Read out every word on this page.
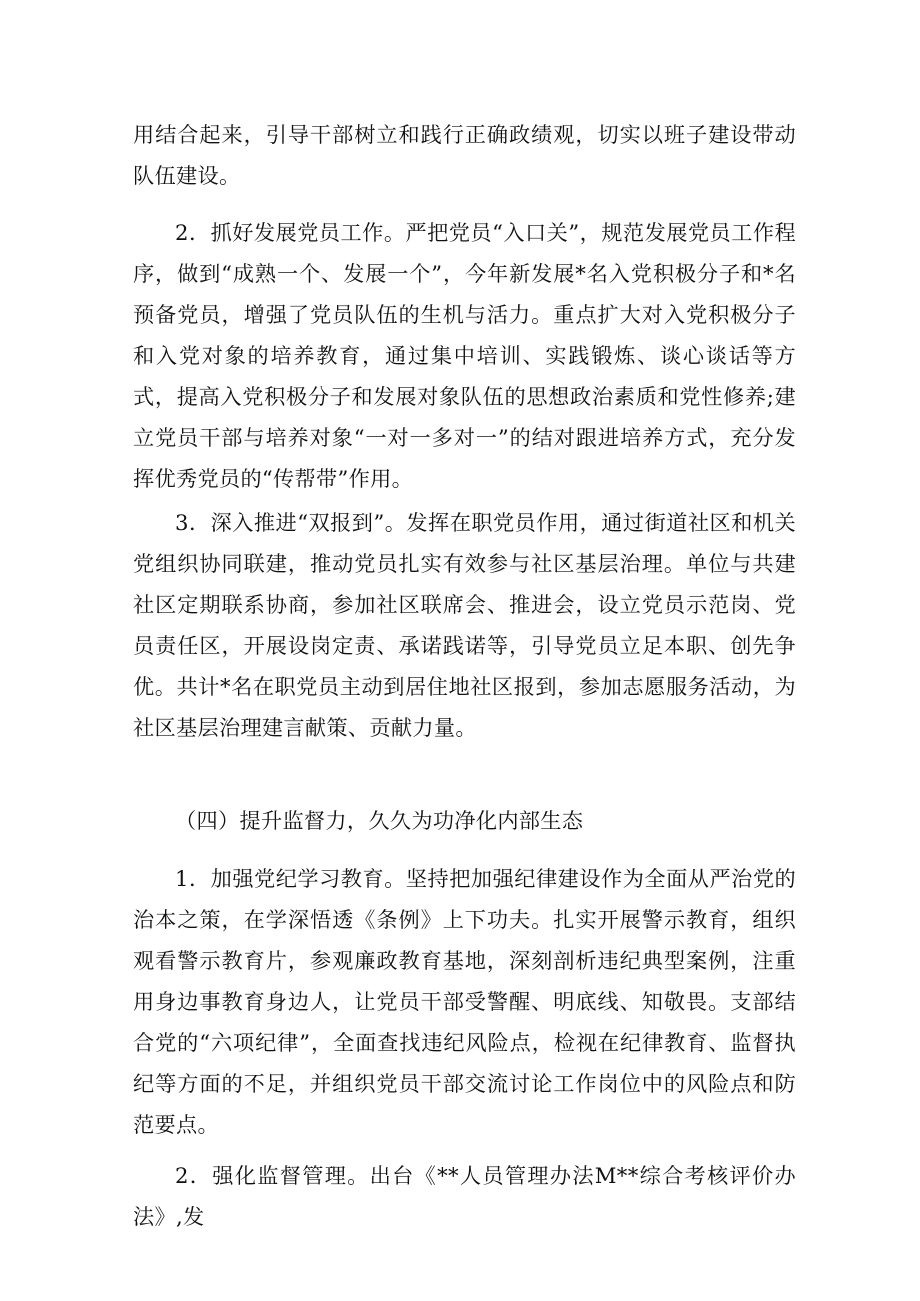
用结合起来，引导干部树立和践行正确政绩观，切实以班子建设带动队伍建设。

2．抓好发展党员工作。严把党员“入口关”，规范发展党员工作程序，做到“成熟一个、发展一个”，今年新发展*名入党积极分子和*名预备党员，增强了党员队伍的生机与活力。重点扩大对入党积极分子和入党对象的培养教育，通过集中培训、实践锻炼、谈心谈话等方式，提高入党积极分子和发展对象队伍的思想政治素质和党性修养;建立党员干部与培养对象“一对一多对一”的结对跟进培养方式，充分发挥优秀党员的“传帮带”作用。

3．深入推进“双报到”。发挥在职党员作用，通过街道社区和机关党组织协同联建，推动党员扎实有效参与社区基层治理。单位与共建社区定期联系协商，参加社区联席会、推进会，设立党员示范岗、党员责任区，开展设岗定责、承诺践诺等，引导党员立足本职、创先争优。共计*名在职党员主动到居住地社区报到，参加志愿服务活动，为社区基层治理建言献策、贡献力量。

（四）提升监督力，久久为功净化内部生态

1．加强党纪学习教育。坚持把加强纪律建设作为全面从严治党的治本之策，在学深悟透《条例》上下功夫。扎实开展警示教育，组织观看警示教育片，参观廉政教育基地，深刻剖析违纪典型案例，注重用身边事教育身边人，让党员干部受警醒、明底线、知敬畏。支部结合党的“六项纪律”，全面查找违纪风险点，检视在纪律教育、监督执纪等方面的不足，并组织党员干部交流讨论工作岗位中的风险点和防范要点。

2．强化监督管理。出台《**人员管理办法M**综合考核评价办法》,发
